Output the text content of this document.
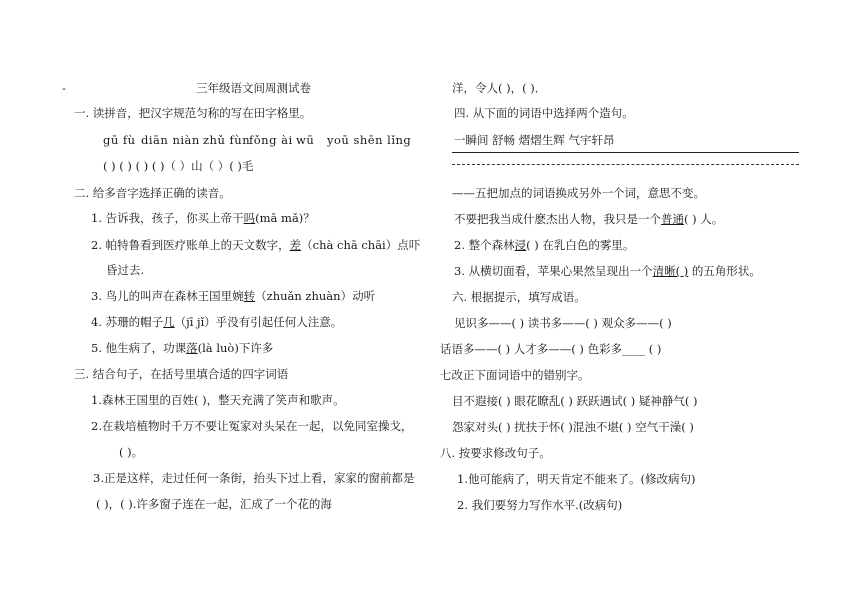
-	三年级语文间周测试卷
一. 读拼音，把汉字规范匀称的写在田字格里。
gū fù diān niàn zhǔ fùn
fǒng ài wū yoū shēn lǐng
( ) ( ) ( ) ( )（ ）山（ ）( )毛
二. 给多音字选择正确的读音。
1. 告诉我，孩子，你买上帝干吗(mā mǎ)？
2. 帕特鲁看到医疗账单上的天文数字，差（chà chā chāi）点吓
昏过去.
3. 鸟儿的叫声在森林王国里婉转（zhuǎn zhuàn）动听
4. 苏珊的帽子几（jī jǐ）乎没有引起任何人注意。
5. 他生病了，功课落(là luò)下许多
三. 结合句子，在括号里填合适的四字词语
1.森林王国里的百姓( )，整天充满了笑声和歌声。
2.在栽培植物时千万不要让冤家对头呆在一起，以免同室操戈，
( )。
3.正是这样，走过任何一条街，抬头下过上看，家家的窗前都是
( )，( ).许多窗子连在一起，汇成了一个花的海
洋，令人( )，( )．
四. 从下面的词语中选择两个造句。
一瞬间 舒畅 熠熠生辉 气宇轩昂
——五把加点的词语换成另外一个词，意思不变。
不要把我当成什麽杰出人物，我只是一个普通( ) 人。
2. 整个森林浸( ) 在乳白色的雾里。
3. 从横切面看，苹果心果然呈现出一个清晰( ) 的五角形状。
六. 根据提示，填写成语。
见识多——( ) 读书多——( ) 观众多——( )
话语多——( ) 人才多——( ) 色彩多____ ( )
七改正下面词语中的错别字。
目不遐接( ) 眼花瞭乱( ) 跃跃遇试( ) 疑神静气( )
怨家对头( ) 扰扶于怀( )混浊不堪( ) 空气干澡( )
八. 按要求修改句子。
1.他可能病了，明天肯定不能来了。(修改病句)
2. 我们要努力写作水平.(改病句)
